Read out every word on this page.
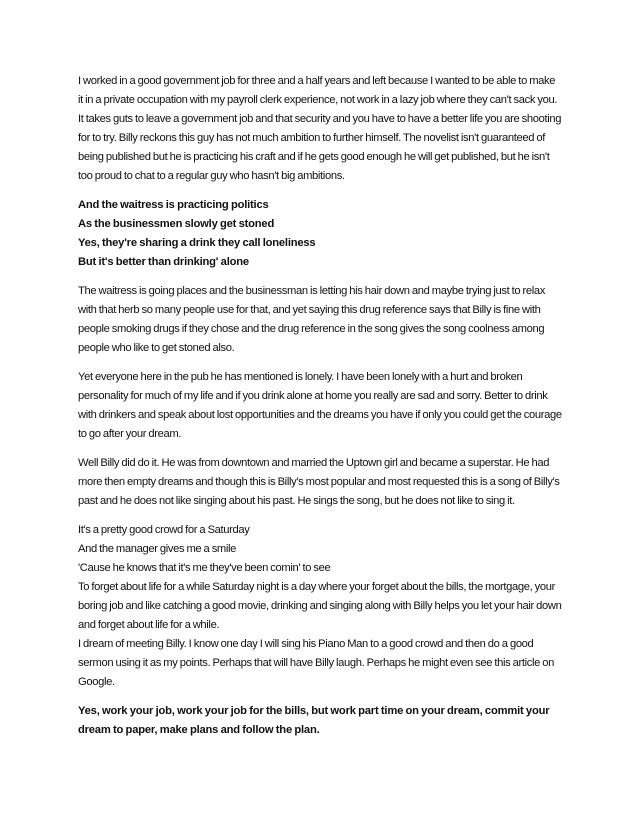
I worked in a good government job for three and a half years and left because I wanted to be able to make
it in a private occupation with my payroll clerk experience, not work in a lazy job where they can't sack you.
It takes guts to leave a government job and that security and you have to have a better life you are shooting
for to try. Billy reckons this guy has not much ambition to further himself. The novelist isn't guaranteed of
being published but he is practicing his craft and if he gets good enough he will get published, but he isn't
too proud to chat to a regular guy who hasn't big ambitions.
And the waitress is practicing politics
As the businessmen slowly get stoned
Yes, they're sharing a drink they call loneliness
But it's better than drinking' alone
The waitress is going places and the businessman is letting his hair down and maybe trying just to relax
with that herb so many people use for that, and yet saying this drug reference says that Billy is fine with
people smoking drugs if they chose and the drug reference in the song gives the song coolness among
people who like to get stoned also.
Yet everyone here in the pub he has mentioned is lonely. I have been lonely with a hurt and broken
personality for much of my life and if you drink alone at home you really are sad and sorry. Better to drink
with drinkers and speak about lost opportunities and the dreams you have if only you could get the courage
to go after your dream.
Well Billy did do it. He was from downtown and married the Uptown girl and became a superstar. He had
more then empty dreams and though this is Billy's most popular and most requested this is a song of Billy's
past and he does not like singing about his past. He sings the song, but he does not like to sing it.
It's a pretty good crowd for a Saturday
And the manager gives me a smile
'Cause he knows that it's me they've been comin' to see
To forget about life for a while Saturday night is a day where your forget about the bills, the mortgage, your
boring job and like catching a good movie, drinking and singing along with Billy helps you let your hair down
and forget about life for a while.
I dream of meeting Billy. I know one day I will sing his Piano Man to a good crowd and then do a good
sermon using it as my points. Perhaps that will have Billy laugh. Perhaps he might even see this article on
Google.
Yes, work your job, work your job for the bills, but work part time on your dream, commit your
dream to paper, make plans and follow the plan.
